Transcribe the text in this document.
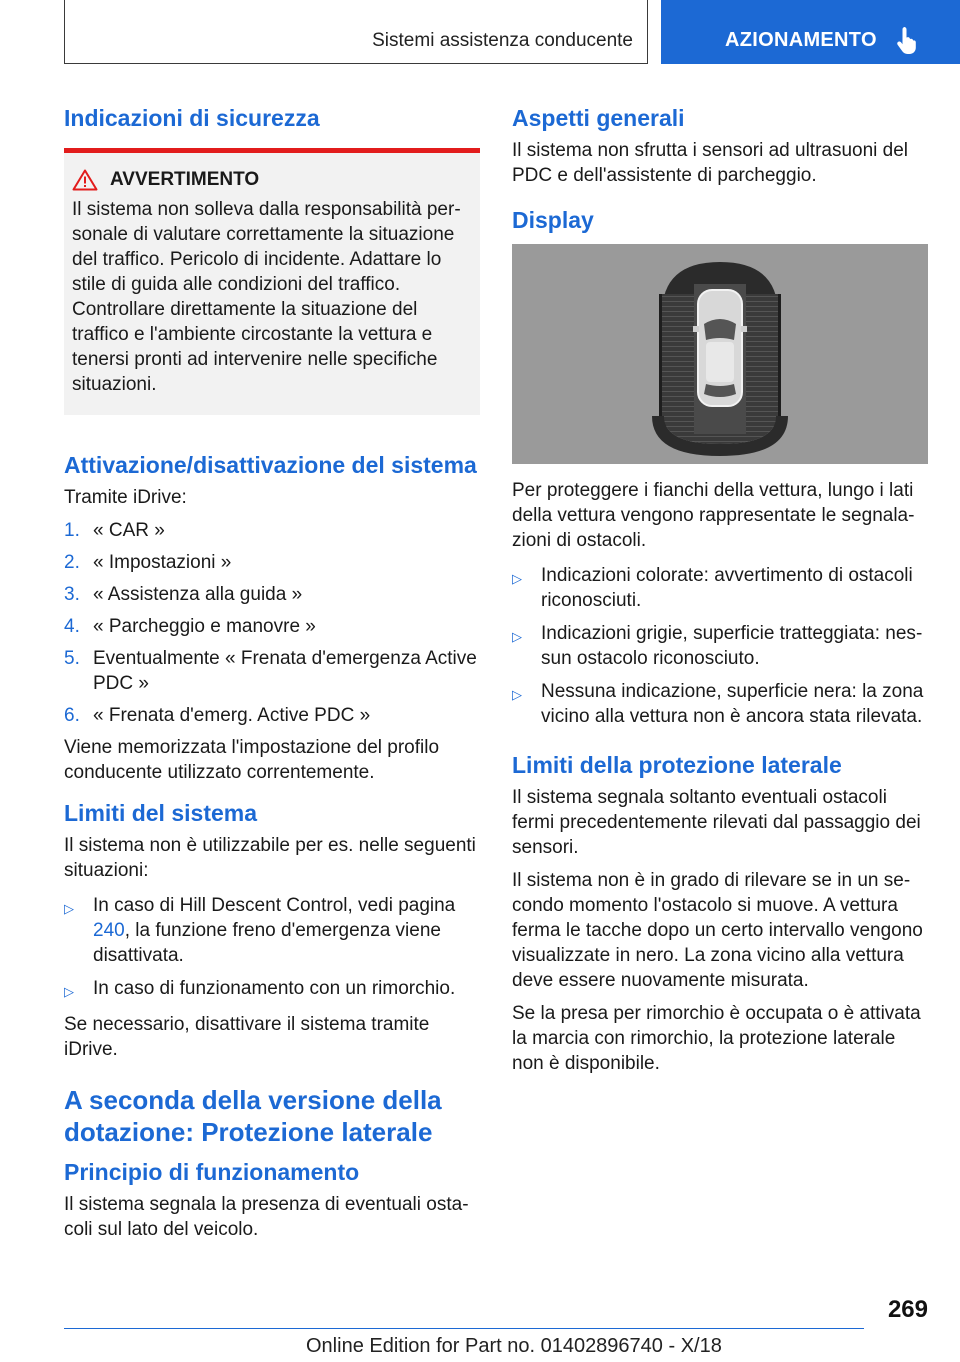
Sistemi assistenza conducente	AZIONAMENTO
Indicazioni di sicurezza
AVVERTIMENTO

Il sistema non solleva dalla responsabilità personale di valutare correttamente la situazione del traffico. Pericolo di incidente. Adattare lo stile di guida alle condizioni del traffico. Controllare direttamente la situazione del traffico e l'ambiente circostante la vettura e tenersi pronti ad intervenire nelle specifiche situazioni.

Attivazione/disattivazione del sistema

Tramite iDrive:

1. « CAR »
2. « Impostazioni »
3. « Assistenza alla guida »
4. « Parcheggio e manovre »
5. Eventualmente « Frenata d'emergenza Active PDC »
6. « Frenata d'emerg. Active PDC »

Viene memorizzata l'impostazione del profilo conducente utilizzato correntemente.

Limiti del sistema

Il sistema non è utilizzabile per es. nelle seguenti situazioni:

▷	In caso di Hill Descent Control, vedi pagina 240, la funzione freno d'emergenza viene disattivata.
▷	In caso di funzionamento con un rimorchio.

Se necessario, disattivare il sistema tramite iDrive.

A seconda della versione della dotazione: Protezione laterale
Principio di funzionamento

Il sistema segnala la presenza di eventuali ostacoli sul lato del veicolo.

Aspetti generali

Il sistema non sfrutta i sensori ad ultrasuoni del PDC e dell'assistente di parcheggio.

Display

Per proteggere i fianchi della vettura, lungo i lati della vettura vengono rappresentate le segnalazioni di ostacoli.

▷	Indicazioni colorate: avvertimento di ostacoli riconosciuti.
▷	Indicazioni grigie, superficie tratteggiata: nessun ostacolo riconosciuto.
▷	Nessuna indicazione, superficie nera: la zona vicino alla vettura non è ancora stata rilevata.
Limiti della protezione laterale

Il sistema segnala soltanto eventuali ostacoli fermi precedentemente rilevati dal passaggio dei sensori.

Il sistema non è in grado di rilevare se in un secondo momento l'ostacolo si muove. A vettura ferma le tacche dopo un certo intervallo vengono visualizzate in nero. La zona vicino alla vettura deve essere nuovamente misurata.

Se la presa per rimorchio è occupata o è attivata la marcia con rimorchio, la protezione laterale non è disponibile.

269
Online Edition for Part no. 01402896740 - X/18
